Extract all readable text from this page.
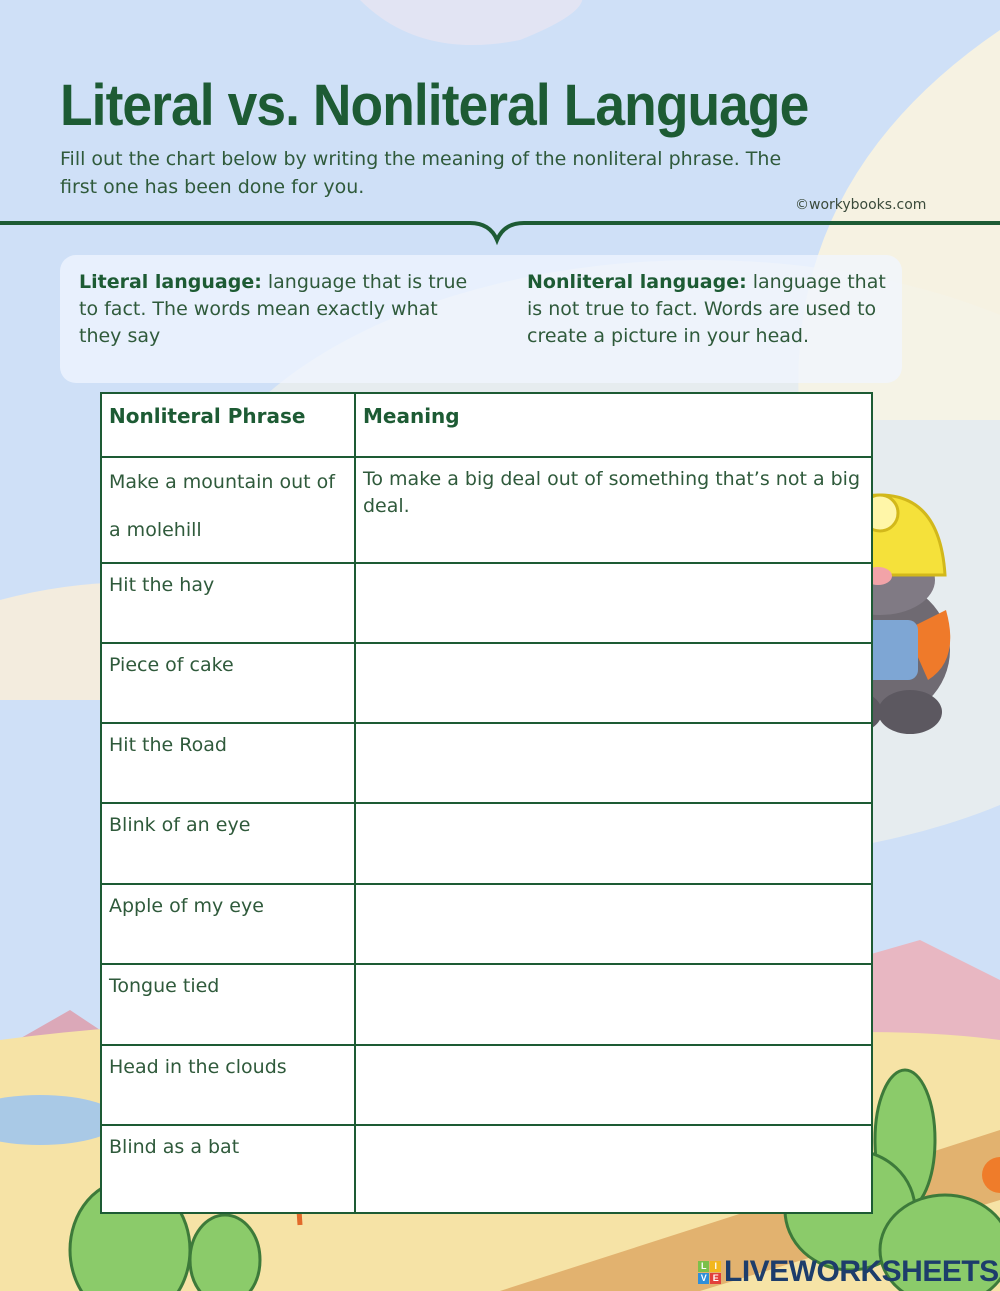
Literal vs. Nonliteral Language
Fill out the chart below by writing the meaning of the nonliteral phrase. The first one has been done for you.
©workybooks.com
Literal language: language that is true to fact. The words mean exactly what they say
Nonliteral language: language that is not true to fact. Words are used to create a picture in your head.
Nonliteral Phrase	Meaning
Make a mountain out of a molehill	To make a big deal out of something that’s not a big deal.
Hit the hay	
Piece of cake	
Hit the Road	
Blink of an eye	
Apple of my eye	
Tongue tied	
Head in the clouds	
Blind as a bat	
L I
V E LIVEWORKSHEETS
